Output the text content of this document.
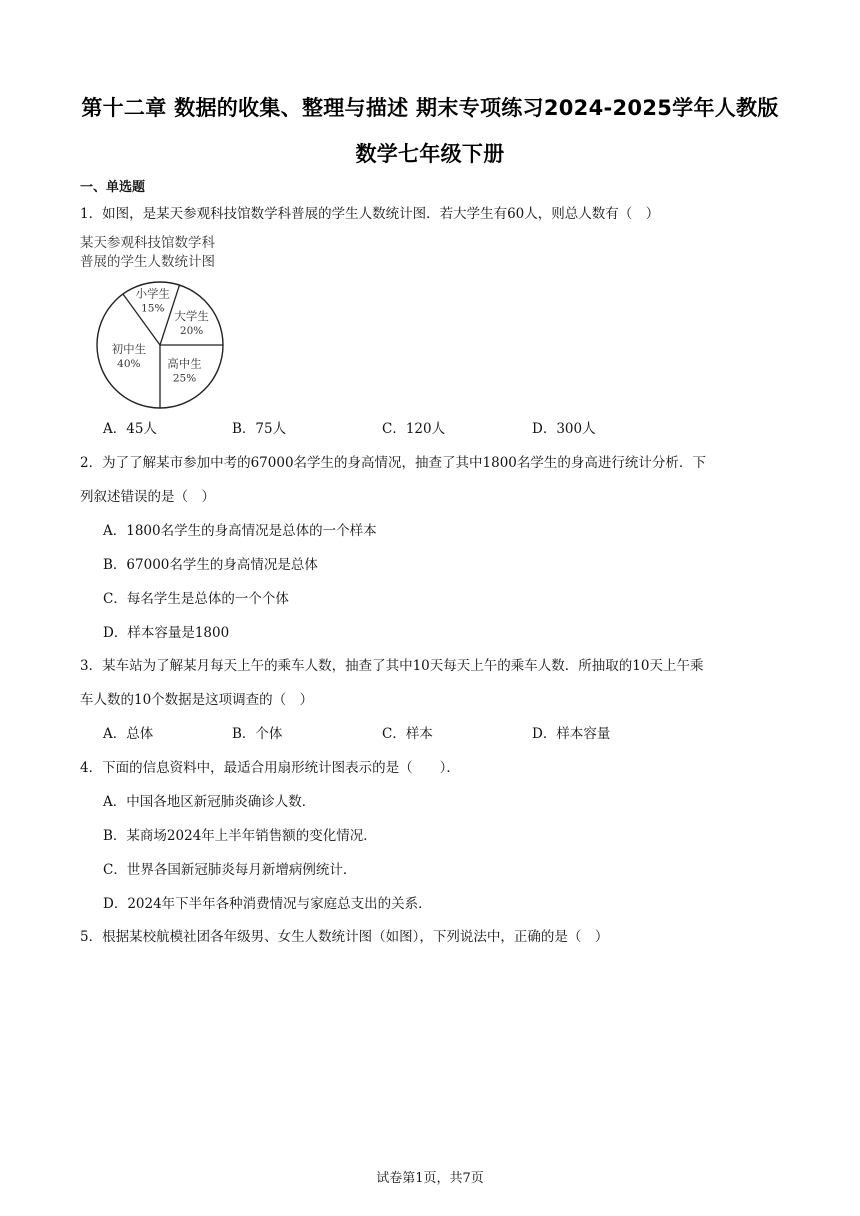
第十二章 数据的收集、整理与描述 期末专项练习2024-2025学年人教版
数学七年级下册
一、单选题
1．如图，是某天参观科技馆数学科普展的学生人数统计图．若大学生有60人，则总人数有（　）
某天参观科技馆数学科
普展的学生人数统计图
小学生
15%
大学生
20%
高中生
25%
初中生
40%
A．45人	B．75人	C．120人	D．300人
2．为了了解某市参加中考的67000名学生的身高情况，抽查了其中1800名学生的身高进行统计分析．下
列叙述错误的是（　）
A．1800名学生的身高情况是总体的一个样本
B．67000名学生的身高情况是总体
C．每名学生是总体的一个个体
D．样本容量是1800
3．某车站为了解某月每天上午的乘车人数，抽查了其中10天每天上午的乘车人数．所抽取的10天上午乘
车人数的10个数据是这项调查的（　）
A．总体	B．个体	C．样本	D．样本容量
4．下面的信息资料中，最适合用扇形统计图表示的是（　　）．
A．中国各地区新冠肺炎确诊人数．
B．某商场2024年上半年销售额的变化情况．
C．世界各国新冠肺炎每月新增病例统计．
D．2024年下半年各种消费情况与家庭总支出的关系．
5．根据某校航模社团各年级男、女生人数统计图（如图），下列说法中，正确的是（　）
试卷第1页，共7页
